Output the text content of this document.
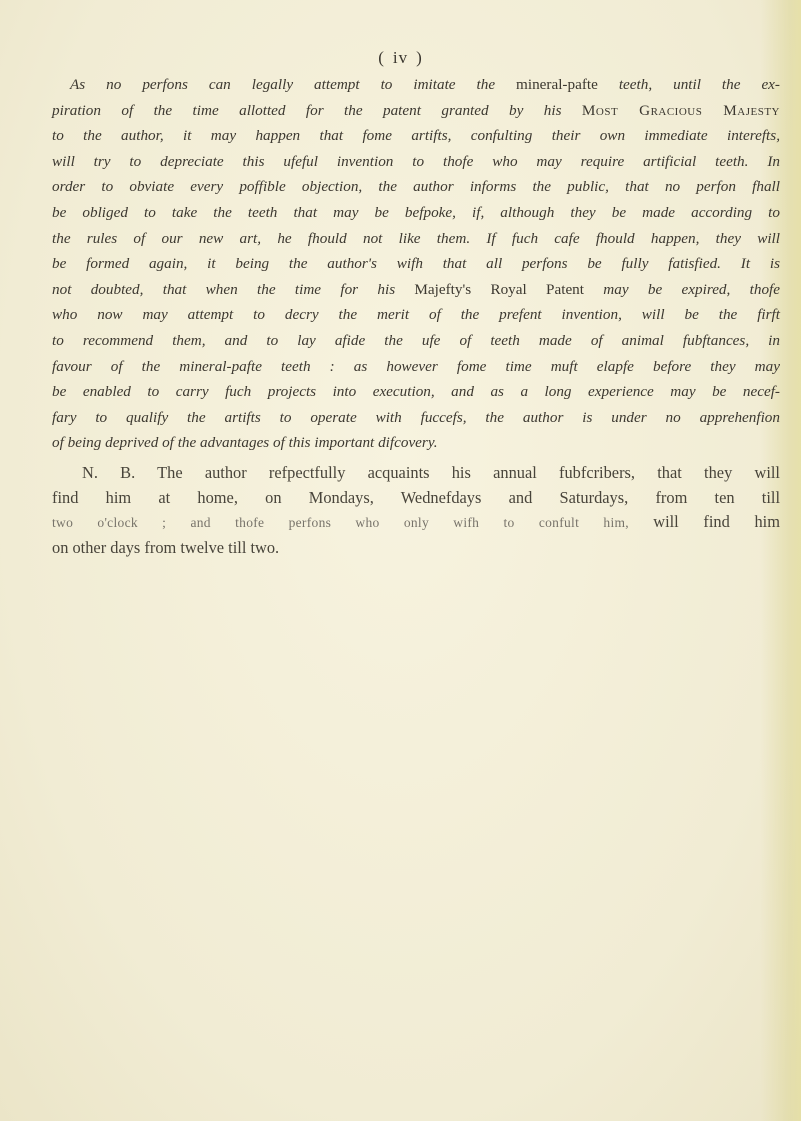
( iv )
As no perfons can legally attempt to imitate the mineral-pafte teeth, until the ex-
piration of the time allotted for the patent granted by his Most Gracious Majesty
to the author, it may happen that fome artifts, confulting their own immediate interefts,
will try to depreciate this ufeful invention to thofe who may require artificial teeth. In
order to obviate every poffible objection, the author informs the public, that no perfon fhall
be obliged to take the teeth that may be befpoke, if, although they be made according to
the rules of our new art, he fhould not like them. If fuch cafe fhould happen, they will
be formed again, it being the author's wifh that all perfons be fully fatisfied. It is
not doubted, that when the time for his Majefty's Royal Patent may be expired, thofe
who now may attempt to decry the merit of the prefent invention, will be the firft
to recommend them, and to lay afide the ufe of teeth made of animal fubftances, in
favour of the mineral-pafte teeth : as however fome time muft elapfe before they may
be enabled to carry fuch projects into execution, and as a long experience may be necef-
fary to qualify the artifts to operate with fuccefs, the author is under no apprehenfion
of being deprived of the advantages of this important difcovery.
N. B. The author refpectfully acquaints his annual fubfcribers, that they will
find him at home, on Mondays, Wednefdays and Saturdays, from ten till
two o'clock ; and thofe perfons who only wifh to confult him, will find him
on other days from twelve till two.
